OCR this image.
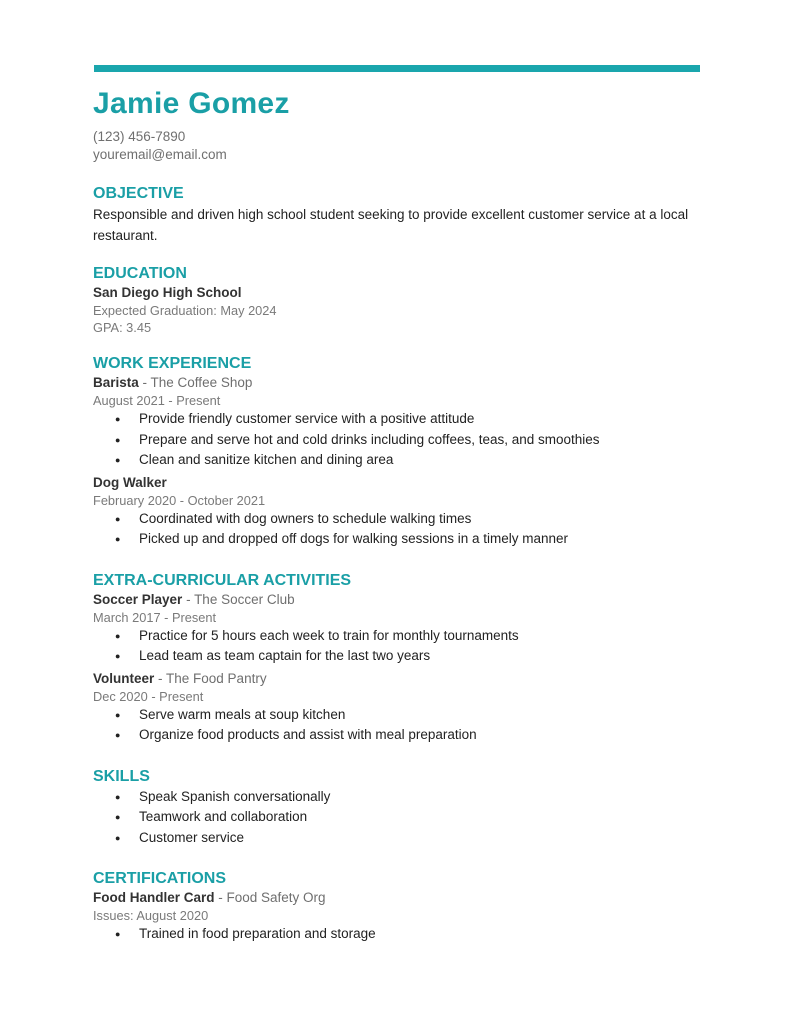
Jamie Gomez
(123) 456-7890
youremail@email.com
OBJECTIVE
Responsible and driven high school student seeking to provide excellent customer service at a local restaurant.
EDUCATION
San Diego High School
Expected Graduation: May 2024
GPA: 3.45
WORK EXPERIENCE
Barista - The Coffee Shop
August 2021 - Present
● Provide friendly customer service with a positive attitude
● Prepare and serve hot and cold drinks including coffees, teas, and smoothies
● Clean and sanitize kitchen and dining area
Dog Walker
February 2020 - October 2021
● Coordinated with dog owners to schedule walking times
● Picked up and dropped off dogs for walking sessions in a timely manner
EXTRA-CURRICULAR ACTIVITIES
Soccer Player - The Soccer Club
March 2017 - Present
● Practice for 5 hours each week to train for monthly tournaments
● Lead team as team captain for the last two years
Volunteer - The Food Pantry
Dec 2020 - Present
● Serve warm meals at soup kitchen
● Organize food products and assist with meal preparation
SKILLS
● Speak Spanish conversationally
● Teamwork and collaboration
● Customer service
CERTIFICATIONS
Food Handler Card - Food Safety Org
Issues: August 2020
● Trained in food preparation and storage
